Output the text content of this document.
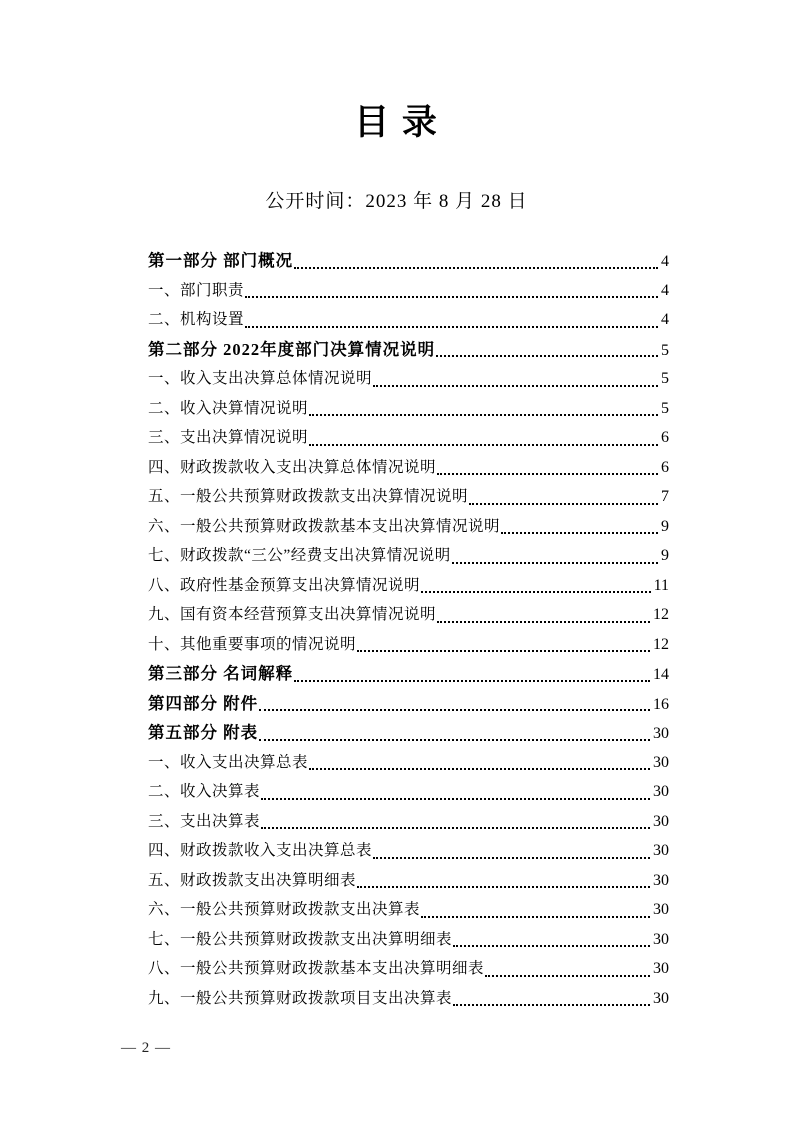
目 录
公开时间：2023 年 8 月 28 日
第一部分 部门概况	4
一、部门职责	4
二、机构设置	4
第二部分 2022年度部门决算情况说明	5
一、收入支出决算总体情况说明	5
二、收入决算情况说明	5
三、支出决算情况说明	6
四、财政拨款收入支出决算总体情况说明	6
五、一般公共预算财政拨款支出决算情况说明	7
六、一般公共预算财政拨款基本支出决算情况说明	9
七、财政拨款“三公”经费支出决算情况说明	9
八、政府性基金预算支出决算情况说明	11
九、国有资本经营预算支出决算情况说明	12
十、其他重要事项的情况说明	12
第三部分 名词解释	14
第四部分 附件	16
第五部分 附表	30
一、收入支出决算总表	30
二、收入决算表	30
三、支出决算表	30
四、财政拨款收入支出决算总表	30
五、财政拨款支出决算明细表	30
六、一般公共预算财政拨款支出决算表	30
七、一般公共预算财政拨款支出决算明细表	30
八、一般公共预算财政拨款基本支出决算明细表	30
九、一般公共预算财政拨款项目支出决算表	30
— 2 —
